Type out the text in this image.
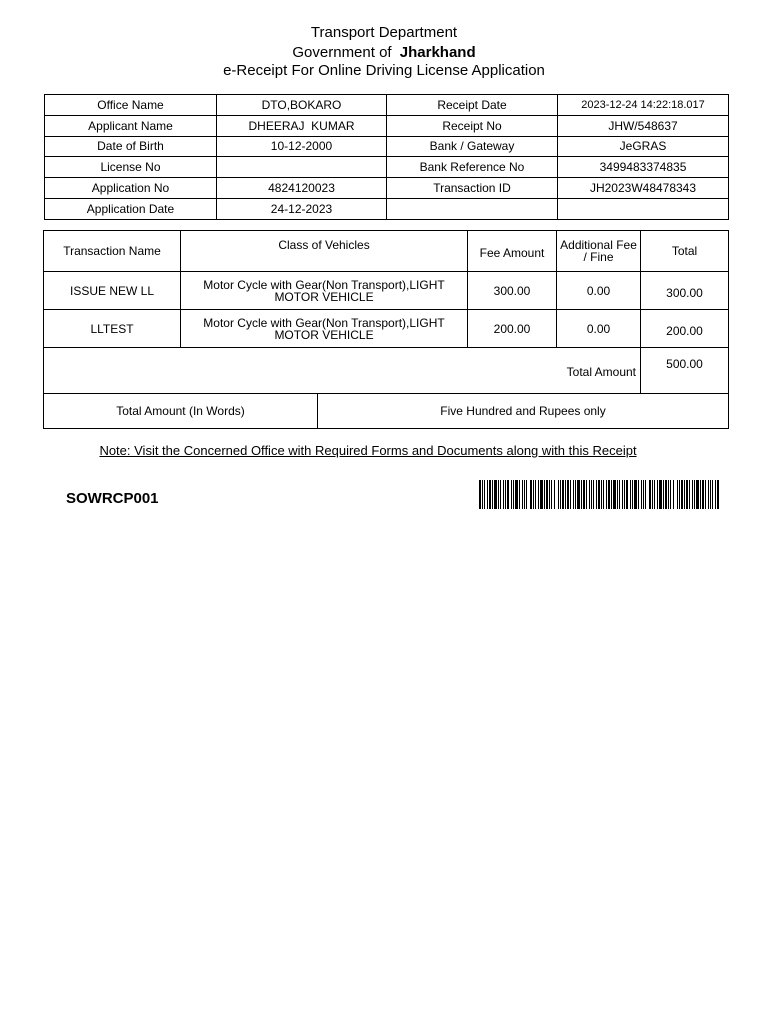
Transport Department
Government of Jharkhand
e-Receipt For Online Driving License Application
Office Name	DTO,BOKARO	Receipt Date	2023-12-24 14:22:18.017
Applicant Name	DHEERAJ  KUMAR	Receipt No	JHW/548637
Date of Birth	10-12-2000	Bank / Gateway	JeGRAS
License No		Bank Reference No	3499483374835
Application No	4824120023	Transaction ID	JH2023W48478343
Application Date	24-12-2023		
Transaction Name	Class of Vehicles		Fee Amount	Additional Fee / Fine	Total
ISSUE NEW LL	Motor Cycle with Gear(Non Transport),LIGHT MOTOR VEHICLE		300.00	0.00	300.00
LLTEST	Motor Cycle with Gear(Non Transport),LIGHT MOTOR VEHICLE		200.00	0.00	200.00
Total Amount					500.00
Total Amount (In Words)		Five Hundred and Rupees only			
Note: Visit the Concerned Office with Required Forms and Documents along with this Receipt
SOWRCP001
